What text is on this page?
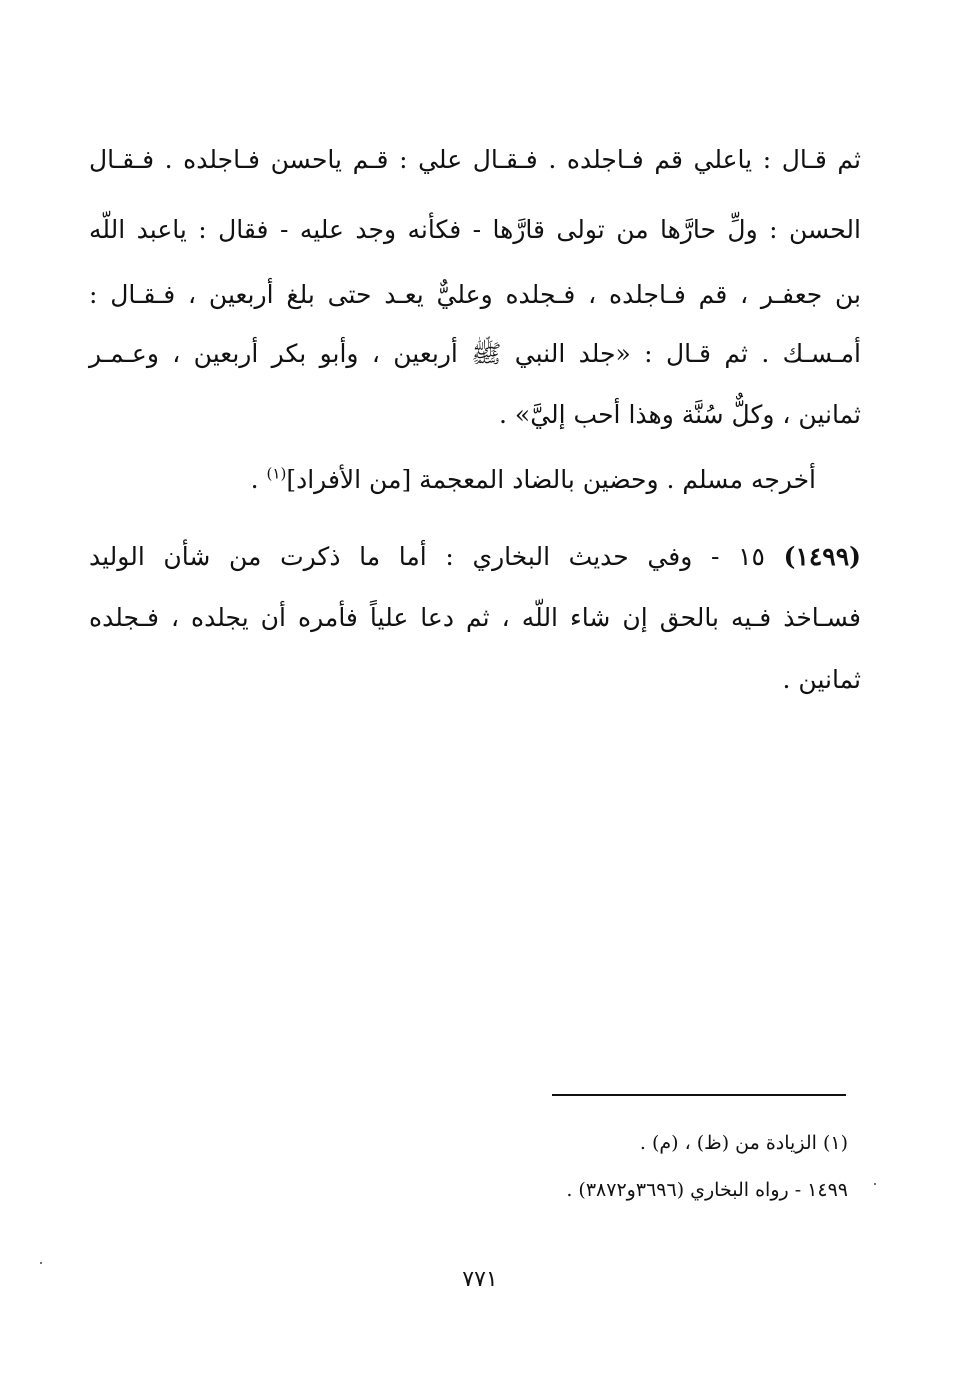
ثم قـال : ياعلي قم فـاجلده . فـقـال علي : قـم ياحسن فـاجلده . فـقـال
الحسن : ولِّ حارَّها من تولى قارَّها - فكأنه وجد عليه - فقال : ياعبد اللّه
بن جعفـر ، قم فـاجلده ، فـجلده وعليٌّ يعـد حتى بلغ أربعين ، فـقـال :
أمـسـك . ثم قـال : «جلد النبي ﷺ أربعين ، وأبو بكر أربعين ، وعـمـر
ثمانين ، وكلٌّ سُنَّة وهذا أحب إليَّ» .
أخرجه مسلم . وحضين بالضاد المعجمة [من الأفراد]$^{(١)}$ .
(١٤٩٩) ١٥ - وفي حديث البخاري : أما ما ذكرت من شأن الوليد
فسـاخذ فـيه بالحق إن شاء اللّه ، ثم دعا علياً فأمره أن يجلده ، فـجلده
ثمانين .
(١) الزيادة من (ظ) ، (م) .
١٤٩٩ - رواه البخاري (٣٦٩٦و٣٨٧٢) .
٧٧١
